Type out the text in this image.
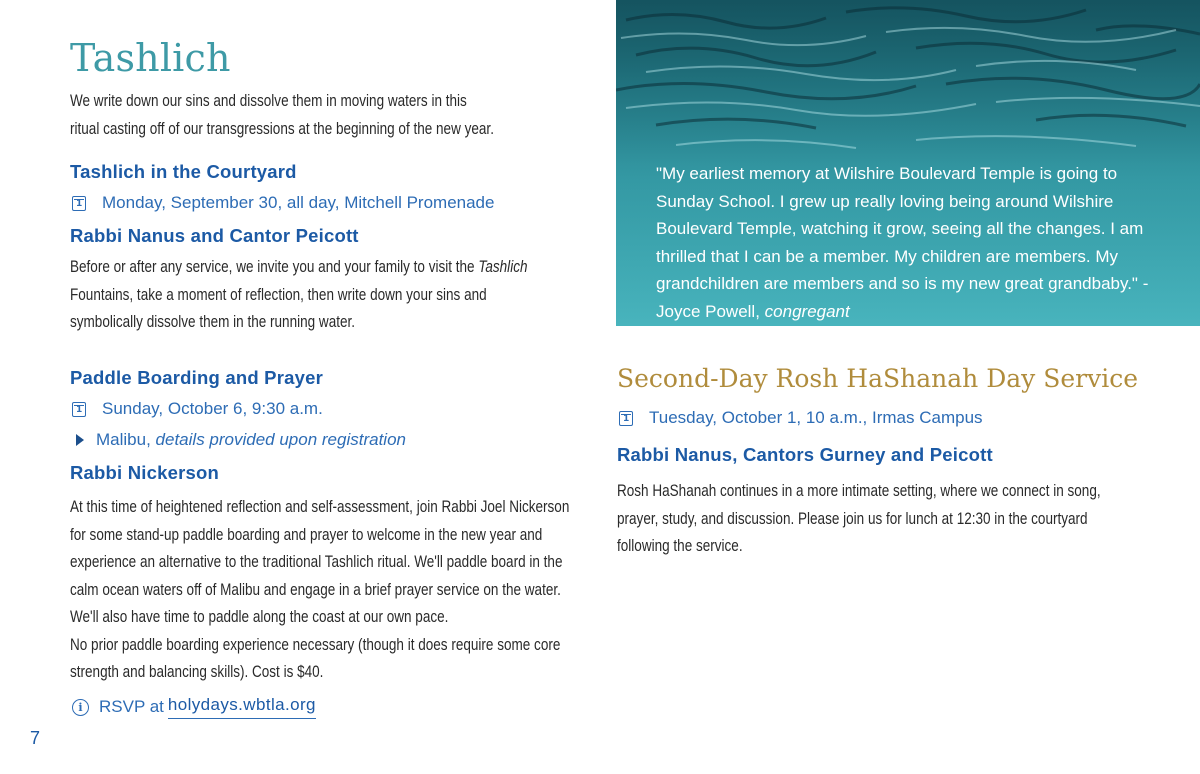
Tashlich
We write down our sins and dissolve them in moving waters in this ritual casting off of our transgressions at the beginning of the new year.
Tashlich in the Courtyard
1
Monday, September 30, all day, Mitchell Promenade
Rabbi Nanus and Cantor Peicott
Before or after any service, we invite you and your family to visit the Tashlich Fountains, take a moment of reflection, then write down your sins and symbolically dissolve them in the running water.
Paddle Boarding and Prayer
1
Sunday, October 6, 9:30 a.m.
Malibu,
details provided upon registration
Rabbi Nickerson
At this time of heightened reflection and self-assessment, join Rabbi Joel Nickerson for some stand-up paddle boarding and prayer to welcome in the new year and experience an alternative to the traditional Tashlich ritual. We'll paddle board in the calm ocean waters off of Malibu and engage in a brief prayer service on the water. We'll also have time to paddle along the coast at our own pace.
No prior paddle boarding experience necessary (though it does require some core strength and balancing skills). Cost is $40.
i RSVP at holydays.wbtla.org
7
"My earliest memory at Wilshire Boulevard Temple is going to Sunday School. I grew up really loving being around Wilshire Boulevard Temple, watching it grow, seeing all the changes. I am thrilled that I can be a member. My children are members. My grandchildren are members and so is my new great grandbaby." -Joyce Powell, congregant
Second-Day Rosh HaShanah Day Service
1
Tuesday, October 1, 10 a.m., Irmas Campus
Rabbi Nanus, Cantors Gurney and Peicott
Rosh HaShanah continues in a more intimate setting, where we connect in song, prayer, study, and discussion. Please join us for lunch at 12:30 in the courtyard following the service.
